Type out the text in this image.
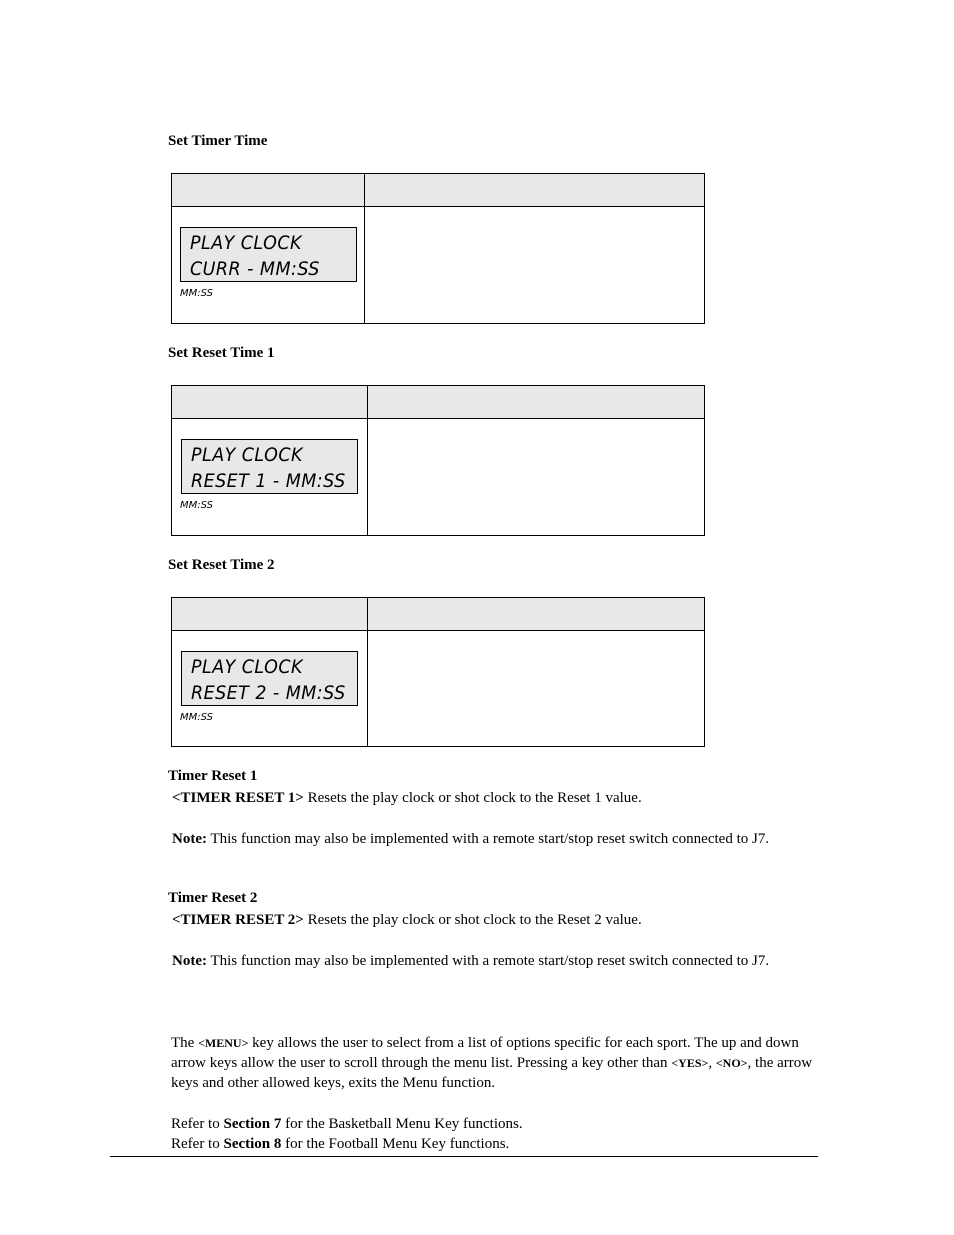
Set Timer Time
PLAY CLOCK
CURR - MM:SS
MM:SS
Set Reset Time 1
PLAY CLOCK
RESET 1 - MM:SS
MM:SS
Set Reset Time 2
PLAY CLOCK
RESET 2 - MM:SS
MM:SS
Timer Reset 1
<TIMER RESET 1> Resets the play clock or shot clock to the Reset 1 value.
Note: This function may also be implemented with a remote start/stop reset switch connected to J7.
Timer Reset 2
<TIMER RESET 2> Resets the play clock or shot clock to the Reset 2 value.
Note: This function may also be implemented with a remote start/stop reset switch connected to J7.
The <MENU> key allows the user to select from a list of options specific for each sport. The up and down arrow keys allow the user to scroll through the menu list. Pressing a key other than <YES>, <NO>, the arrow keys and other allowed keys, exits the Menu function.
Refer to Section 7 for the Basketball Menu Key functions.
Refer to Section 8 for the Football Menu Key functions.
